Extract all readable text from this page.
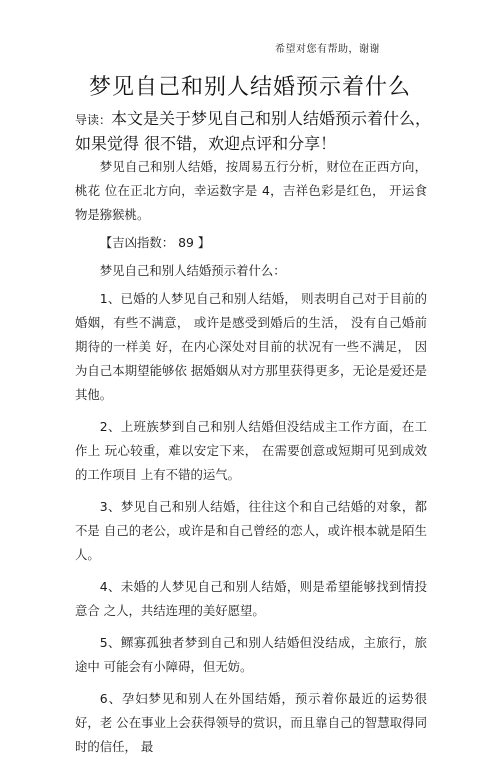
希望对您有帮助，谢谢
梦见自己和别人结婚预示着什么
导读：本文是关于梦见自己和别人结婚预示着什么，如果觉得 很不错，欢迎点评和分享！

梦见自己和别人结婚，按周易五行分析，财位在正西方向，桃花 位在正北方向，幸运数字是 4，吉祥色彩是红色， 开运食物是猕猴桃。

【吉凶指数： 89 】

梦见自己和别人结婚预示着什么：

1、已婚的人梦见自己和别人结婚， 则表明自己对于目前的婚姻，有些不满意， 或许是感受到婚后的生活， 没有自己婚前期待的一样美 好，在内心深处对目前的状况有一些不满足， 因为自己本期望能够依 据婚姻从对方那里获得更多，无论是爱还是其他。

2、上班族梦到自己和别人结婚但没结成主工作方面，在工作上 玩心较重，难以安定下来， 在需要创意或短期可见到成效的工作项目 上有不错的运气。

3、梦见自己和别人结婚，往往这个和自己结婚的对象，都不是 自己的老公，或许是和自己曾经的恋人，或许根本就是陌生人。

4、未婚的人梦见自己和别人结婚，则是希望能够找到情投意合 之人，共结连理的美好愿望。

5、鳏寡孤独者梦到自己和别人结婚但没结成，主旅行，旅途中 可能会有小障碍，但无妨。

6、孕妇梦见和别人在外国结婚，预示着你最近的运势很好，老 公在事业上会获得领导的赏识，而且靠自己的智慧取得同时的信任， 最
